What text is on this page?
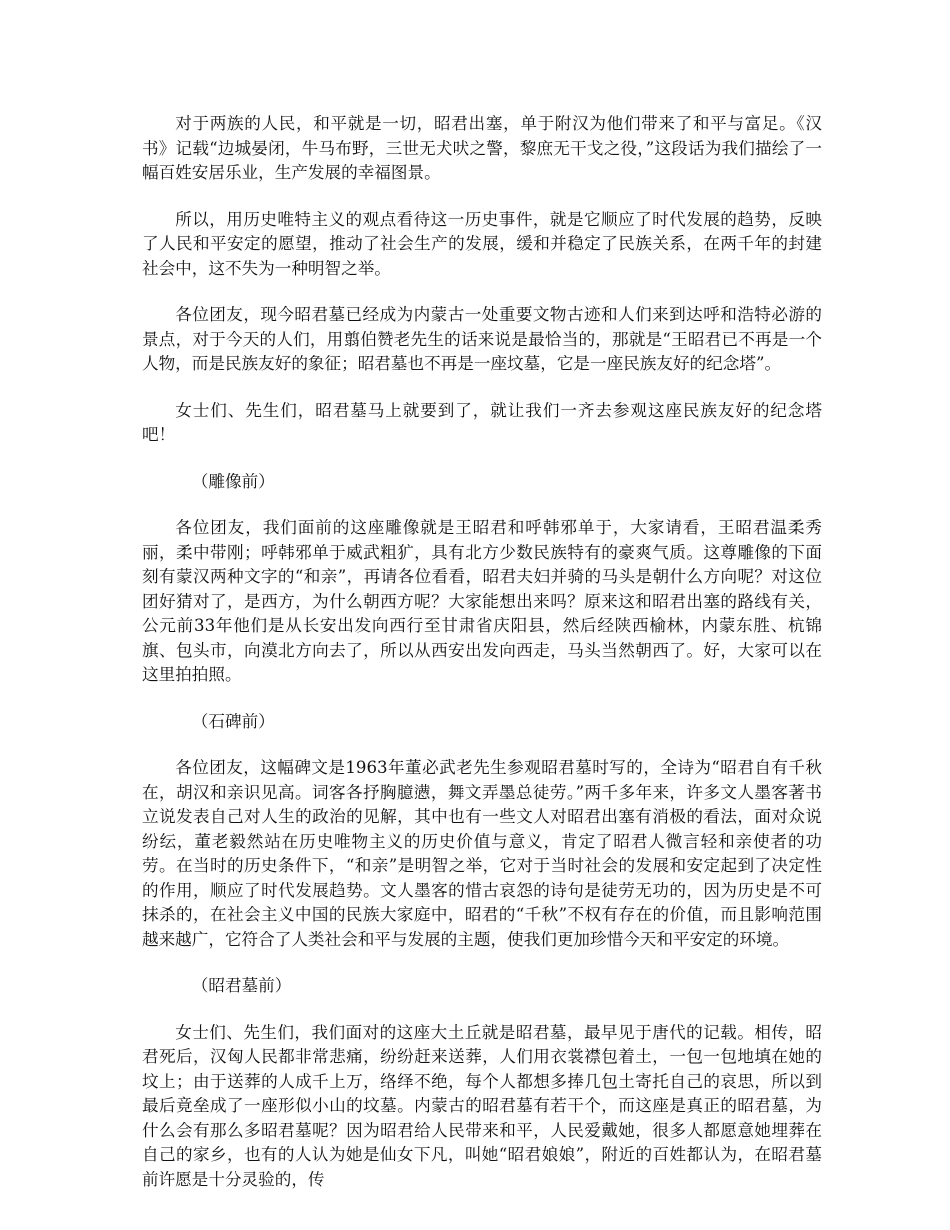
对于两族的人民，和平就是一切，昭君出塞，单于附汉为他们带来了和平与富足。《汉书》记载“边城晏闭，牛马布野，三世无犬吠之警，黎庶无干戈之役，”这段话为我们描绘了一幅百姓安居乐业，生产发展的幸福图景。

所以，用历史唯特主义的观点看待这一历史事件，就是它顺应了时代发展的趋势，反映了人民和平安定的愿望，推动了社会生产的发展，缓和并稳定了民族关系，在两千年的封建社会中，这不失为一种明智之举。

各位团友，现今昭君墓已经成为内蒙古一处重要文物古迹和人们来到达呼和浩特必游的景点，对于今天的人们，用翦伯赞老先生的话来说是最恰当的，那就是“王昭君已不再是一个人物，而是民族友好的象征；昭君墓也不再是一座坟墓，它是一座民族友好的纪念塔”。

女士们、先生们，昭君墓马上就要到了，就让我们一齐去参观这座民族友好的纪念塔吧！

（雕像前）

各位团友，我们面前的这座雕像就是王昭君和呼韩邪单于，大家请看，王昭君温柔秀丽，柔中带刚；呼韩邪单于威武粗犷，具有北方少数民族特有的豪爽气质。这尊雕像的下面刻有蒙汉两种文字的“和亲”，再请各位看看，昭君夫妇并骑的马头是朝什么方向呢？对这位团好猜对了，是西方，为什么朝西方呢？大家能想出来吗？原来这和昭君出塞的路线有关，公元前33年他们是从长安出发向西行至甘肃省庆阳县，然后经陕西榆林，内蒙东胜、杭锦旗、包头市，向漠北方向去了，所以从西安出发向西走，马头当然朝西了。好，大家可以在这里拍拍照。

（石碑前）

各位团友，这幅碑文是1963年董必武老先生参观昭君墓时写的，全诗为“昭君自有千秋在，胡汉和亲识见高。词客各抒胸臆懑，舞文弄墨总徒劳。”两千多年来，许多文人墨客著书立说发表自己对人生的政治的见解，其中也有一些文人对昭君出塞有消极的看法，面对众说纷纭，董老毅然站在历史唯物主义的历史价值与意义，肯定了昭君人微言轻和亲使者的功劳。在当时的历史条件下，“和亲”是明智之举，它对于当时社会的发展和安定起到了决定性的作用，顺应了时代发展趋势。文人墨客的惜古哀怨的诗句是徒劳无功的，因为历史是不可抹杀的，在社会主义中国的民族大家庭中，昭君的“千秋”不权有存在的价值，而且影响范围越来越广，它符合了人类社会和平与发展的主题，使我们更加珍惜今天和平安定的环境。

（昭君墓前）

女士们、先生们，我们面对的这座大土丘就是昭君墓，最早见于唐代的记载。相传，昭君死后，汉匈人民都非常悲痛，纷纷赶来送葬，人们用衣裳襟包着土，一包一包地填在她的坟上；由于送葬的人成千上万，络绎不绝，每个人都想多捧几包土寄托自己的哀思，所以到最后竟垒成了一座形似小山的坟墓。内蒙古的昭君墓有若干个，而这座是真正的昭君墓，为什么会有那么多昭君墓呢？因为昭君给人民带来和平，人民爱戴她，很多人都愿意她埋葬在自己的家乡，也有的人认为她是仙女下凡，叫她“昭君娘娘”，附近的百姓都认为，在昭君墓前许愿是十分灵验的，传
